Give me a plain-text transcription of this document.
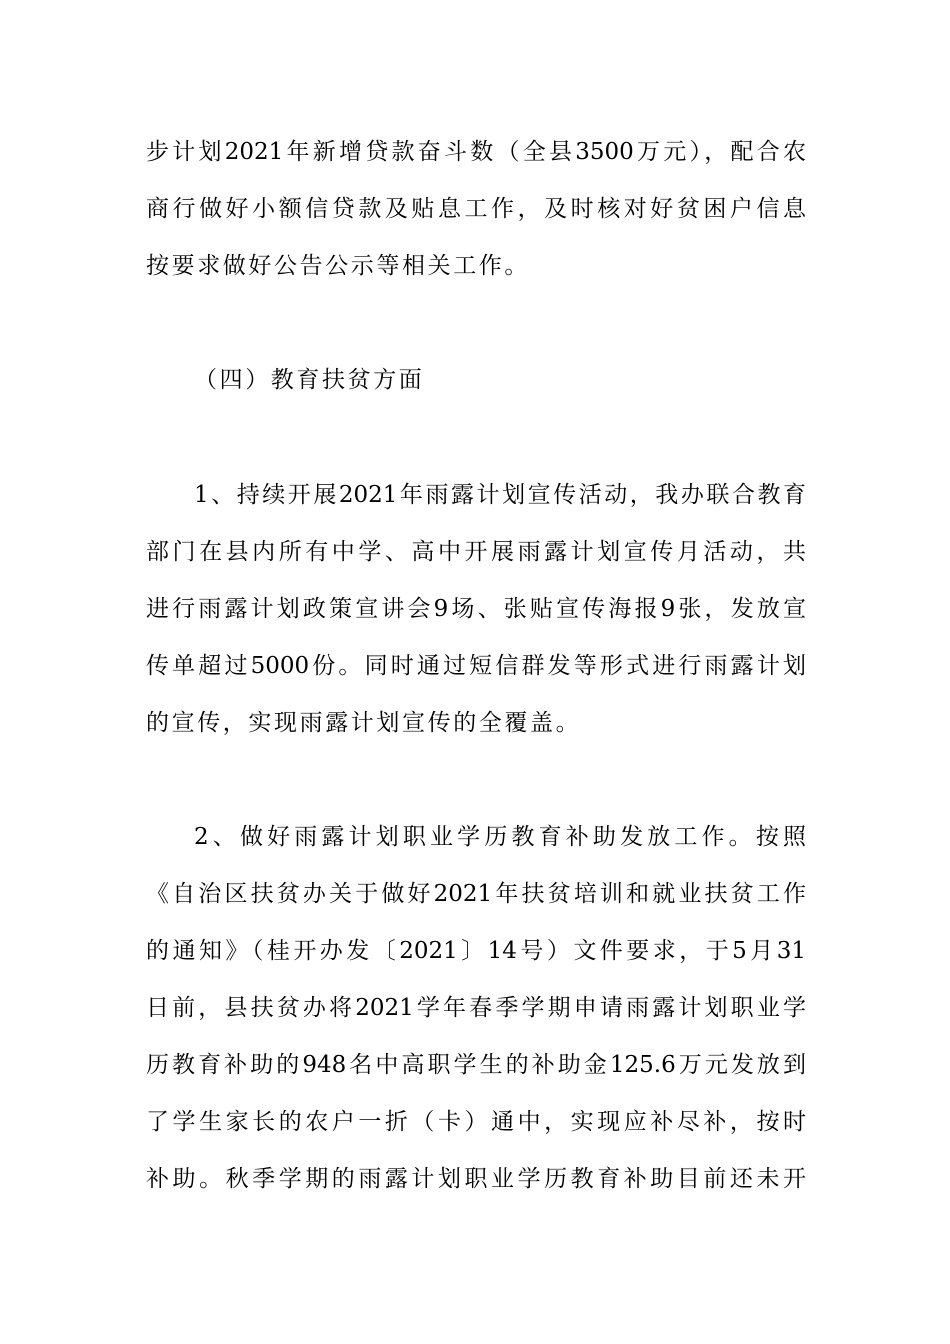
步计划2021年新增贷款奋斗数（全县3500万元），配合农
商行做好小额信贷款及贴息工作，及时核对好贫困户信息
按要求做好公告公示等相关工作。
（四）教育扶贫方面
1、持续开展2021年雨露计划宣传活动，我办联合教育
部门在县内所有中学、高中开展雨露计划宣传月活动，共
进行雨露计划政策宣讲会9场、张贴宣传海报9张，发放宣
传单超过5000份。同时通过短信群发等形式进行雨露计划
的宣传，实现雨露计划宣传的全覆盖。
2、做好雨露计划职业学历教育补助发放工作。按照
《自治区扶贫办关于做好2021年扶贫培训和就业扶贫工作
的通知》（桂开办发〔2021〕14号）文件要求，于5月31
日前，县扶贫办将2021学年春季学期申请雨露计划职业学
历教育补助的948名中高职学生的补助金125.6万元发放到
了学生家长的农户一折（卡）通中，实现应补尽补，按时
补助。秋季学期的雨露计划职业学历教育补助目前还未开
